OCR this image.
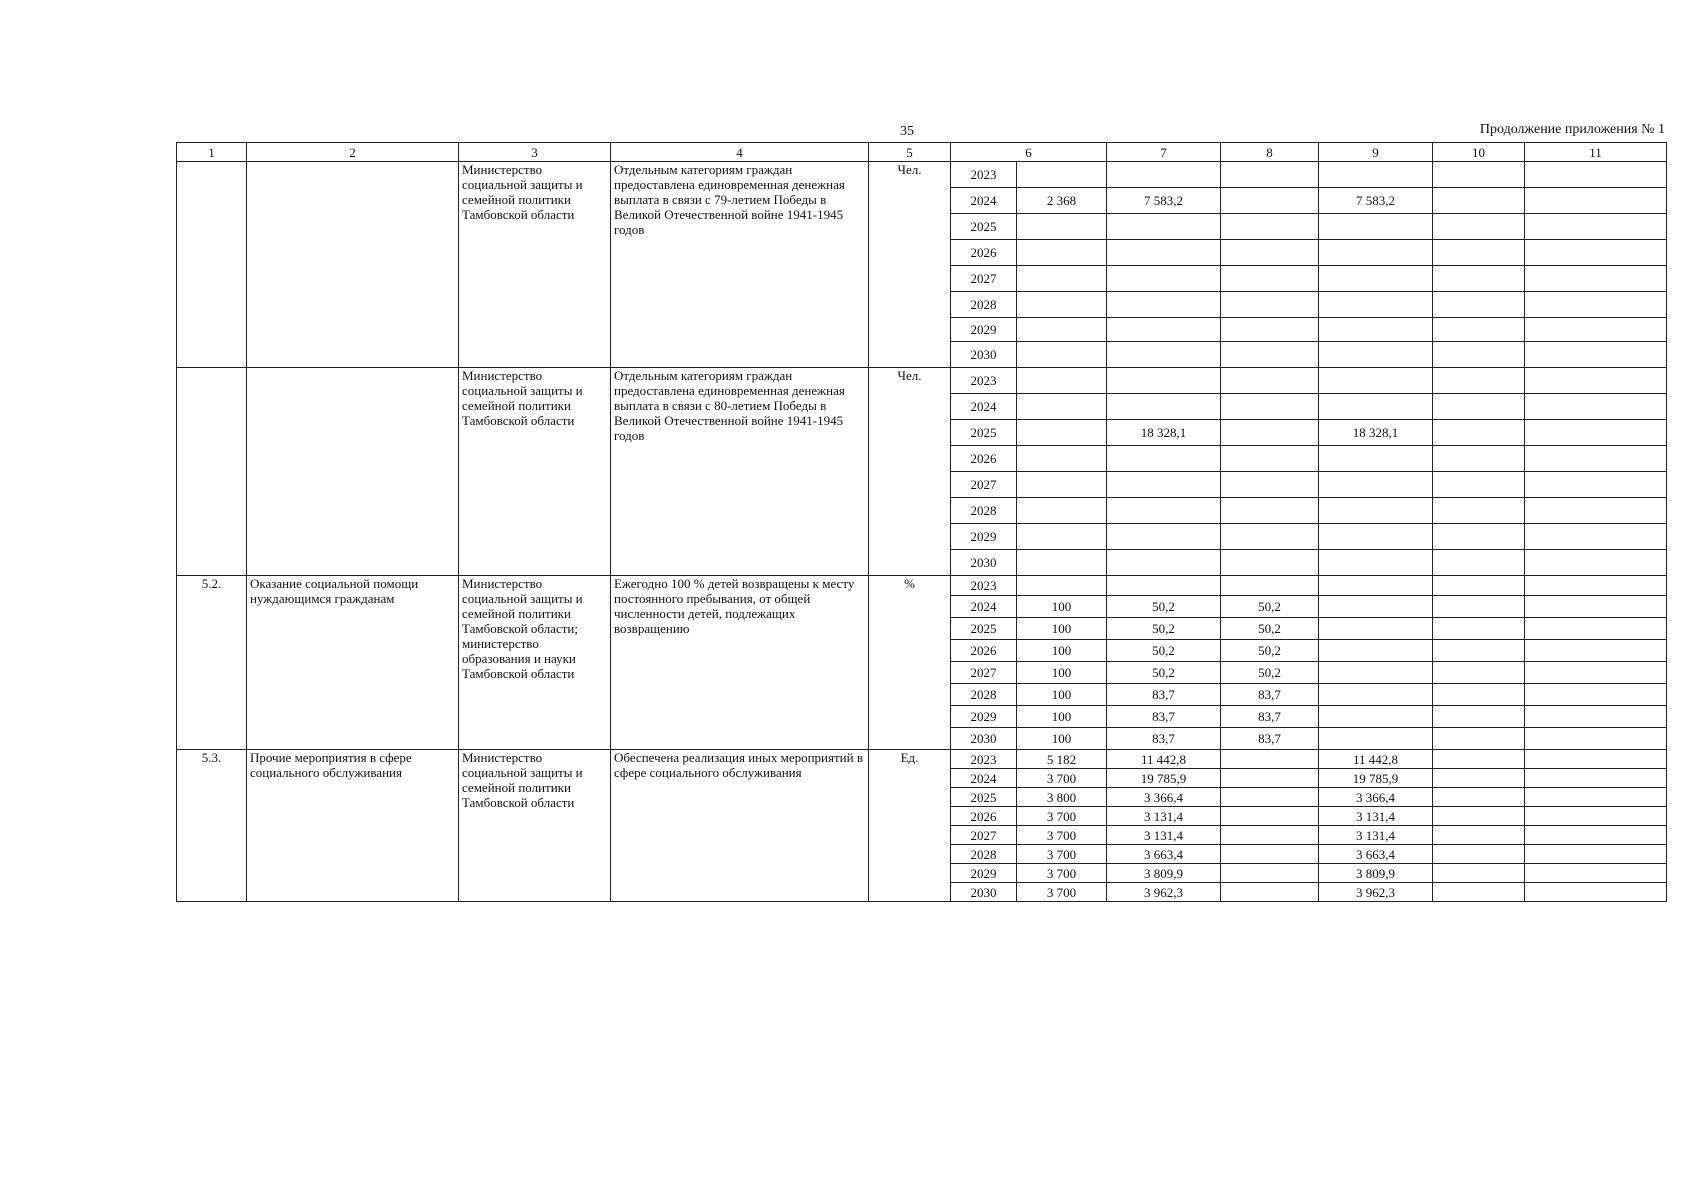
35	Продолжение приложения № 1
1	2	3	4	5	6		7	8	9	10	11
		Министерство социальной защиты и семейной политики Тамбовской области	Отдельным категориям граждан предоставлена единовременная денежная выплата в связи с 79-летием Победы в Великой Отечественной войне 1941-1945 годов	Чел.	2023						
					2024	2 368	7 583,2		7 583,2		
					2025						
					2026						
					2027						
					2028						
					2029						
					2030						
		Министерство социальной защиты и семейной политики Тамбовской области	Отдельным категориям граждан предоставлена единовременная денежная выплата в связи с 80-летием Победы в Великой Отечественной войне 1941-1945 годов	Чел.	2023						
					2024						
					2025		18 328,1		18 328,1		
					2026						
					2027						
					2028						
					2029						
					2030						
5.2.	Оказание социальной помощи нуждающимся гражданам	Министерство социальной защиты и семейной политики Тамбовской области; министерство образования и науки Тамбовской области	Ежегодно 100 % детей возвращены к месту постоянного пребывания, от общей численности детей, подлежащих возвращению	%	2023						
					2024	100	50,2	50,2			
					2025	100	50,2	50,2			
					2026	100	50,2	50,2			
					2027	100	50,2	50,2			
					2028	100	83,7	83,7			
					2029	100	83,7	83,7			
					2030	100	83,7	83,7			
5.3.	Прочие мероприятия в сфере социального обслуживания	Министерство социальной защиты и семейной политики Тамбовской области	Обеспечена реализация иных мероприятий в сфере социального обслуживания	Ед.	2023	5 182	11 442,8		11 442,8		
					2024	3 700	19 785,9		19 785,9		
					2025	3 800	3 366,4		3 366,4		
					2026	3 700	3 131,4		3 131,4		
					2027	3 700	3 131,4		3 131,4		
					2028	3 700	3 663,4		3 663,4		
					2029	3 700	3 809,9		3 809,9		
					2030	3 700	3 962,3		3 962,3		
